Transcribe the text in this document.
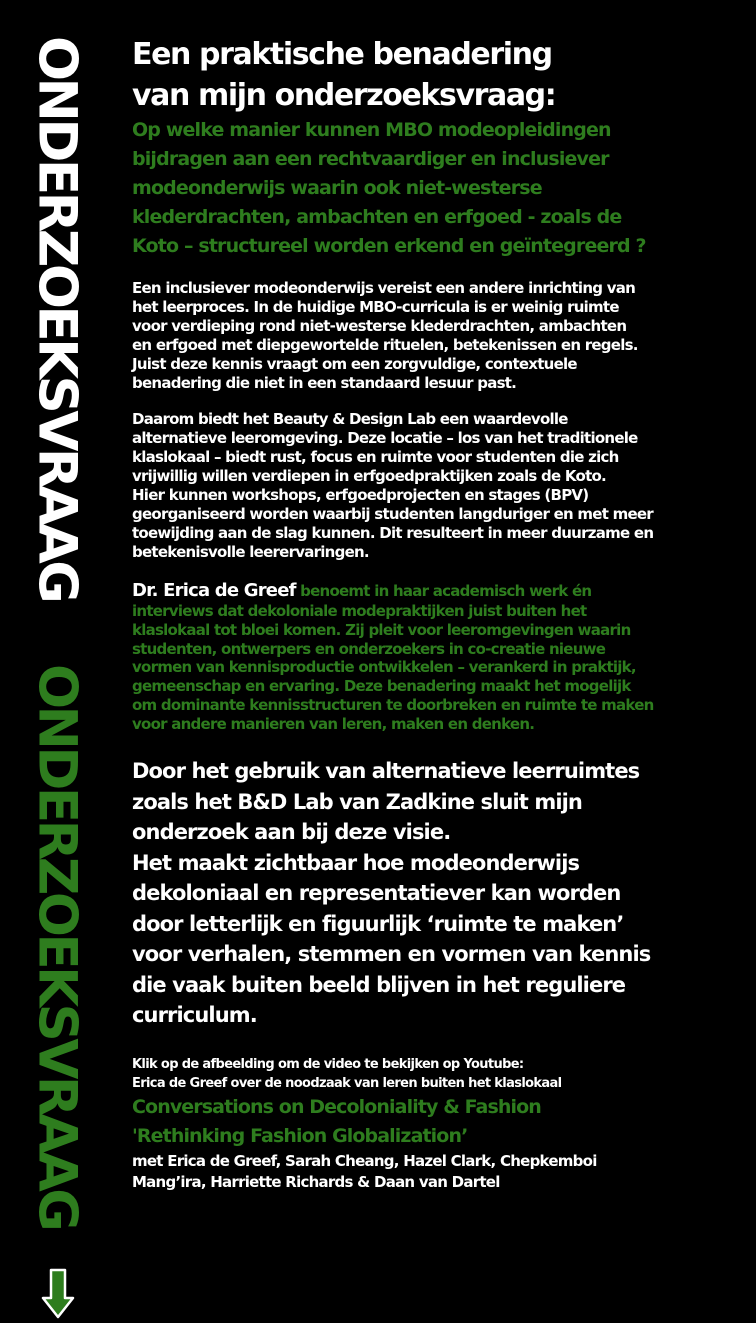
ONDERZOEKSVRAAG
ONDERZOEKSVRAAG

Een praktische benadering

van mijn onderzoeksvraag:

Op welke manier kunnen MBO modeopleidingen

bijdragen aan een rechtvaardiger en inclusiever

modeonderwijs waarin ook niet-westerse

klederdrachten, ambachten en erfgoed - zoals de

Koto – structureel worden erkend en geïntegreerd ?

Een inclusiever modeonderwijs vereist een andere inrichting van

het leerproces. In de huidige MBO-curricula is er weinig ruimte

voor verdieping rond niet-westerse klederdrachten, ambachten

en erfgoed met diepgewortelde rituelen, betekenissen en regels.

Juist deze kennis vraagt om een zorgvuldige, contextuele

benadering die niet in een standaard lesuur past.

Daarom biedt het Beauty & Design Lab een waardevolle

alternatieve leeromgeving. Deze locatie – los van het traditionele

klaslokaal – biedt rust, focus en ruimte voor studenten die zich

vrijwillig willen verdiepen in erfgoedpraktijken zoals de Koto.

Hier kunnen workshops, erfgoedprojecten en stages (BPV)

georganiseerd worden waarbij studenten langduriger en met meer

toewijding aan de slag kunnen. Dit resulteert in meer duurzame en

betekenisvolle leerervaringen.

Dr. Erica de Greef benoemt in haar academisch werk én

interviews dat dekoloniale modepraktijken juist buiten het

klaslokaal tot bloei komen. Zij pleit voor leeromgevingen waarin

studenten, ontwerpers en onderzoekers in co-creatie nieuwe

vormen van kennisproductie ontwikkelen – verankerd in praktijk,

gemeenschap en ervaring. Deze benadering maakt het mogelijk

om dominante kennisstructuren te doorbreken en ruimte te maken

voor andere manieren van leren, maken en denken.

Door het gebruik van alternatieve leerruimtes

zoals het B&D Lab van Zadkine sluit mijn

onderzoek aan bij deze visie.

Het maakt zichtbaar hoe modeonderwijs

dekoloniaal en representatiever kan worden

door letterlijk en figuurlijk ‘ruimte te maken’

voor verhalen, stemmen en vormen van kennis

die vaak buiten beeld blijven in het reguliere

curriculum.

Klik op de afbeelding om de video te bekijken op Youtube:

Erica de Greef over de noodzaak van leren buiten het klaslokaal

Conversations on Decoloniality & Fashion

'Rethinking Fashion Globalization’

met Erica de Greef, Sarah Cheang, Hazel Clark, Chepkemboi

Mang’ira, Harriette Richards & Daan van Dartel
